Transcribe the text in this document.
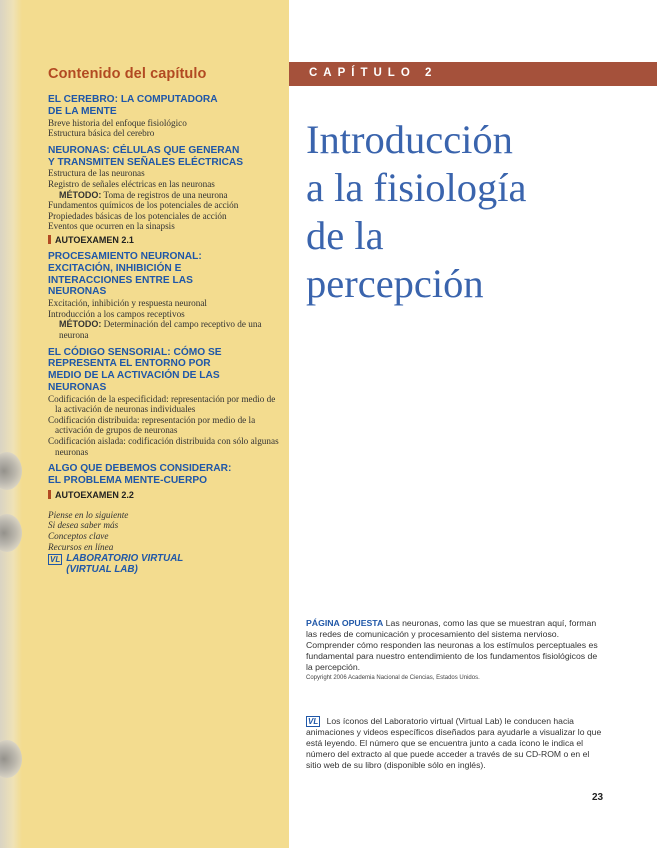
Contenido del capítulo
EL CEREBRO: LA COMPUTADORA
DE LA MENTE
Breve historia del enfoque fisiológico
Estructura básica del cerebro
NEURONAS: CÉLULAS QUE GENERAN
Y TRANSMITEN SEÑALES ELÉCTRICAS
Estructura de las neuronas
Registro de señales eléctricas en las neuronas
MÉTODO: Toma de registros de una neurona
Fundamentos químicos de los potenciales de acción
Propiedades básicas de los potenciales de acción
Eventos que ocurren en la sinapsis
AUTOEXAMEN 2.1
PROCESAMIENTO NEURONAL:
EXCITACIÓN, INHIBICIÓN E
INTERACCIONES ENTRE LAS
NEURONAS
Excitación, inhibición y respuesta neuronal
Introducción a los campos receptivos
MÉTODO: Determinación del campo receptivo de una neurona
EL CÓDIGO SENSORIAL: CÓMO SE
REPRESENTA EL ENTORNO POR
MEDIO DE LA ACTIVACIÓN DE LAS
NEURONAS
Codificación de la especificidad: representación por medio de la activación de neuronas individuales
Codificación distribuida: representación por medio de la activación de grupos de neuronas
Codificación aislada: codificación distribuida con sólo algunas neuronas
ALGO QUE DEBEMOS CONSIDERAR:
EL PROBLEMA MENTE-CUERPO
AUTOEXAMEN 2.2
Piense en lo siguiente
Si desea saber más
Conceptos clave
Recursos en línea
VL LABORATORIO VIRTUAL
(VIRTUAL LAB)
CAPÍTULO 2
Introducción
a la fisiología
de la
percepción
PÁGINA OPUESTA Las neuronas, como las que se muestran aquí, forman las redes de comunicación y procesamiento del sistema nervioso. Comprender cómo responden las neuronas a los estímulos perceptuales es fundamental para nuestro entendimiento de los fundamentos fisiológicos de la percepción.
Copyright 2006 Academia Nacional de Ciencias, Estados Unidos.
VL Los íconos del Laboratorio virtual (Virtual Lab) le conducen hacia animaciones y videos específicos diseñados para ayudarle a visualizar lo que está leyendo. El número que se encuentra junto a cada ícono le indica el número del extracto al que puede acceder a través de su CD-ROM o en el sitio web de su libro (disponible sólo en inglés).
23
